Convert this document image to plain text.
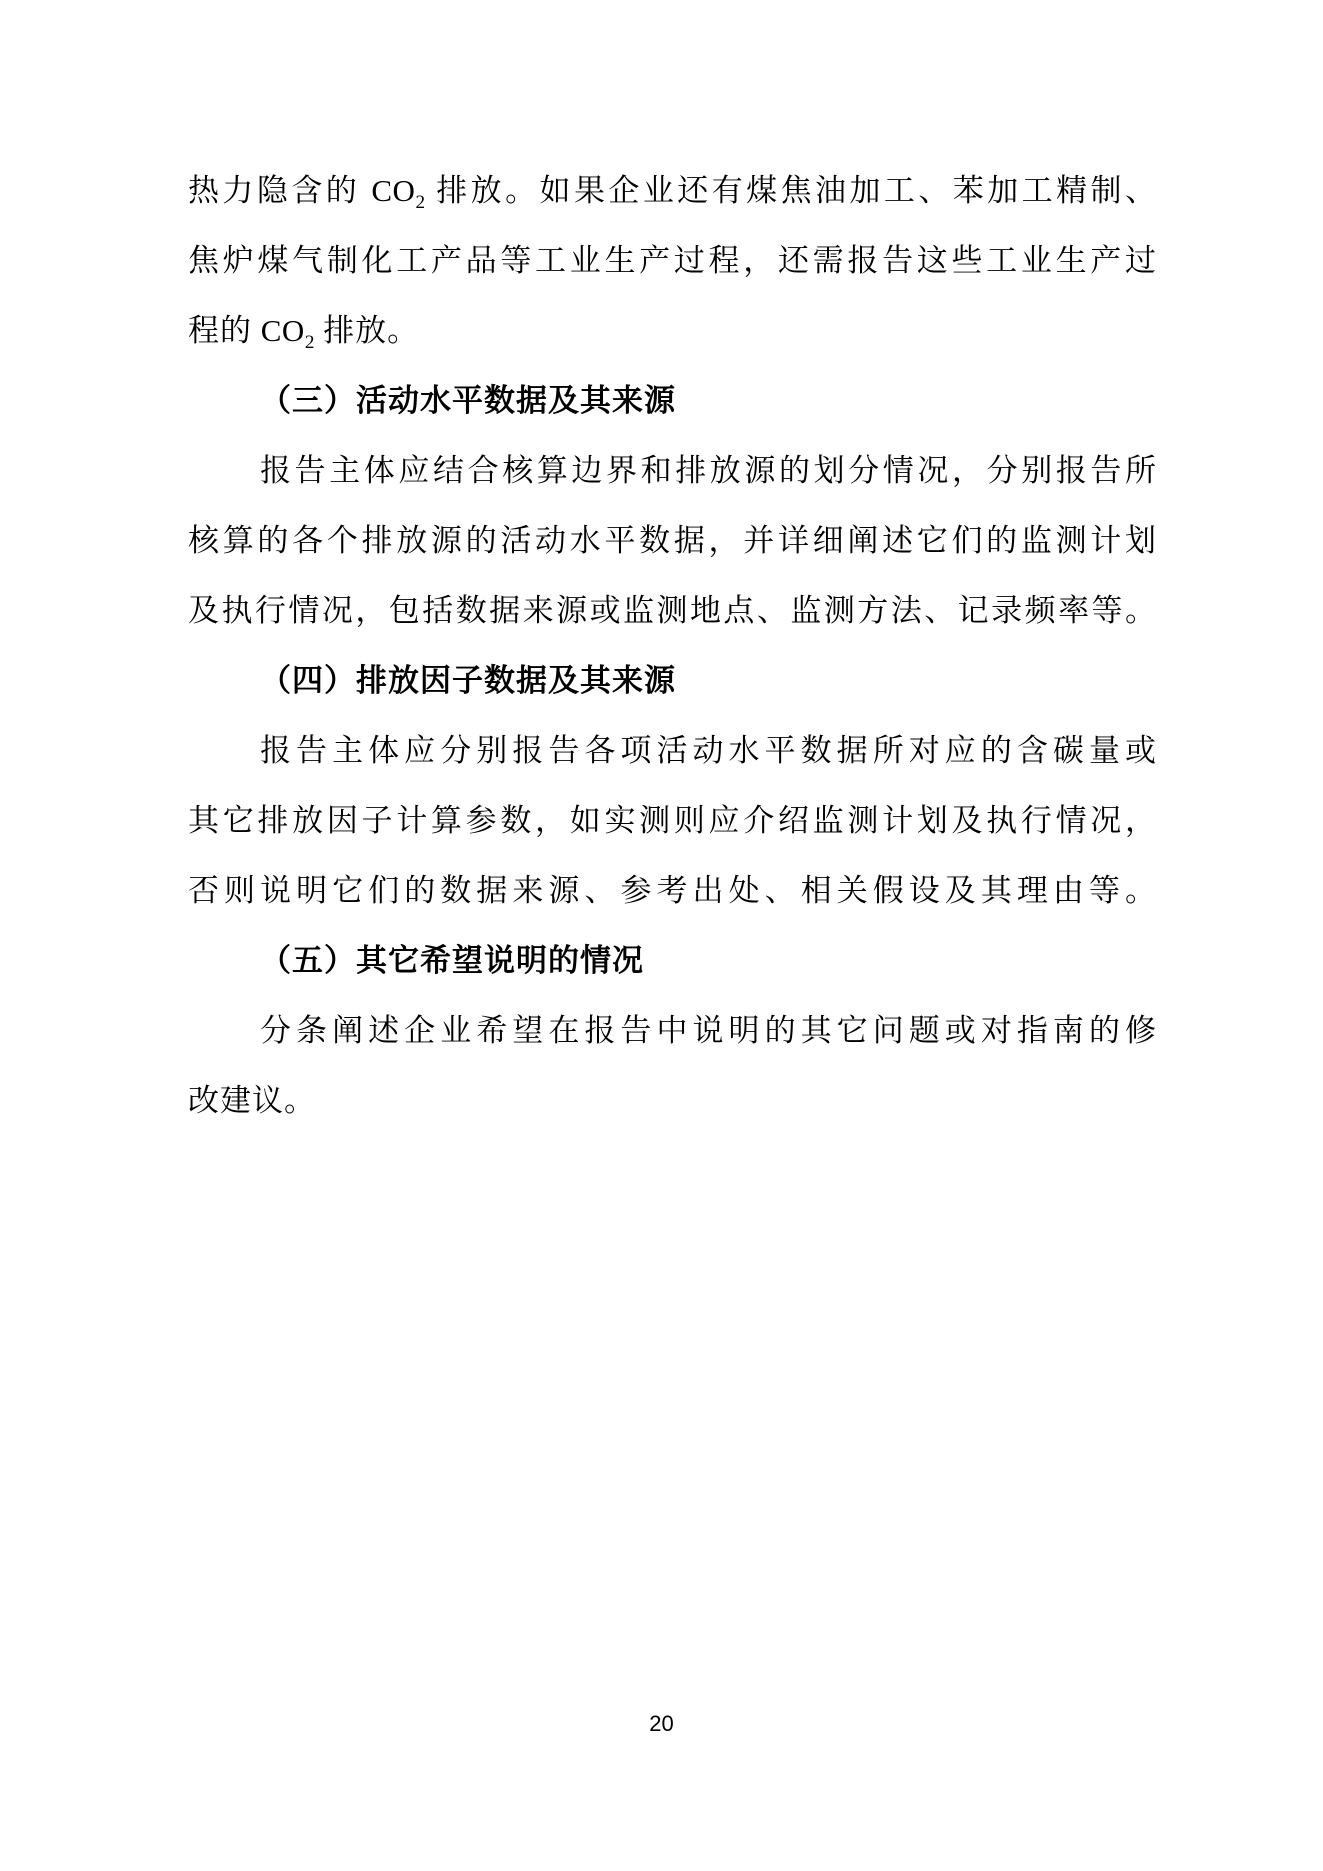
热力隐含的 $CO_2$ 排放。如果企业还有煤焦油加工、苯加工精制、
焦炉煤气制化工产品等工业生产过程，还需报告这些工业生产过
程的 $CO_2$ 排放。
（三）活动水平数据及其来源
报告主体应结合核算边界和排放源的划分情况，分别报告所
核算的各个排放源的活动水平数据，并详细阐述它们的监测计划
及执行情况，包括数据来源或监测地点、监测方法、记录频率等。
（四）排放因子数据及其来源
报告主体应分别报告各项活动水平数据所对应的含碳量或
其它排放因子计算参数，如实测则应介绍监测计划及执行情况，
否则说明它们的数据来源、参考出处、相关假设及其理由等。
（五）其它希望说明的情况
分条阐述企业希望在报告中说明的其它问题或对指南的修
改建议。
20
